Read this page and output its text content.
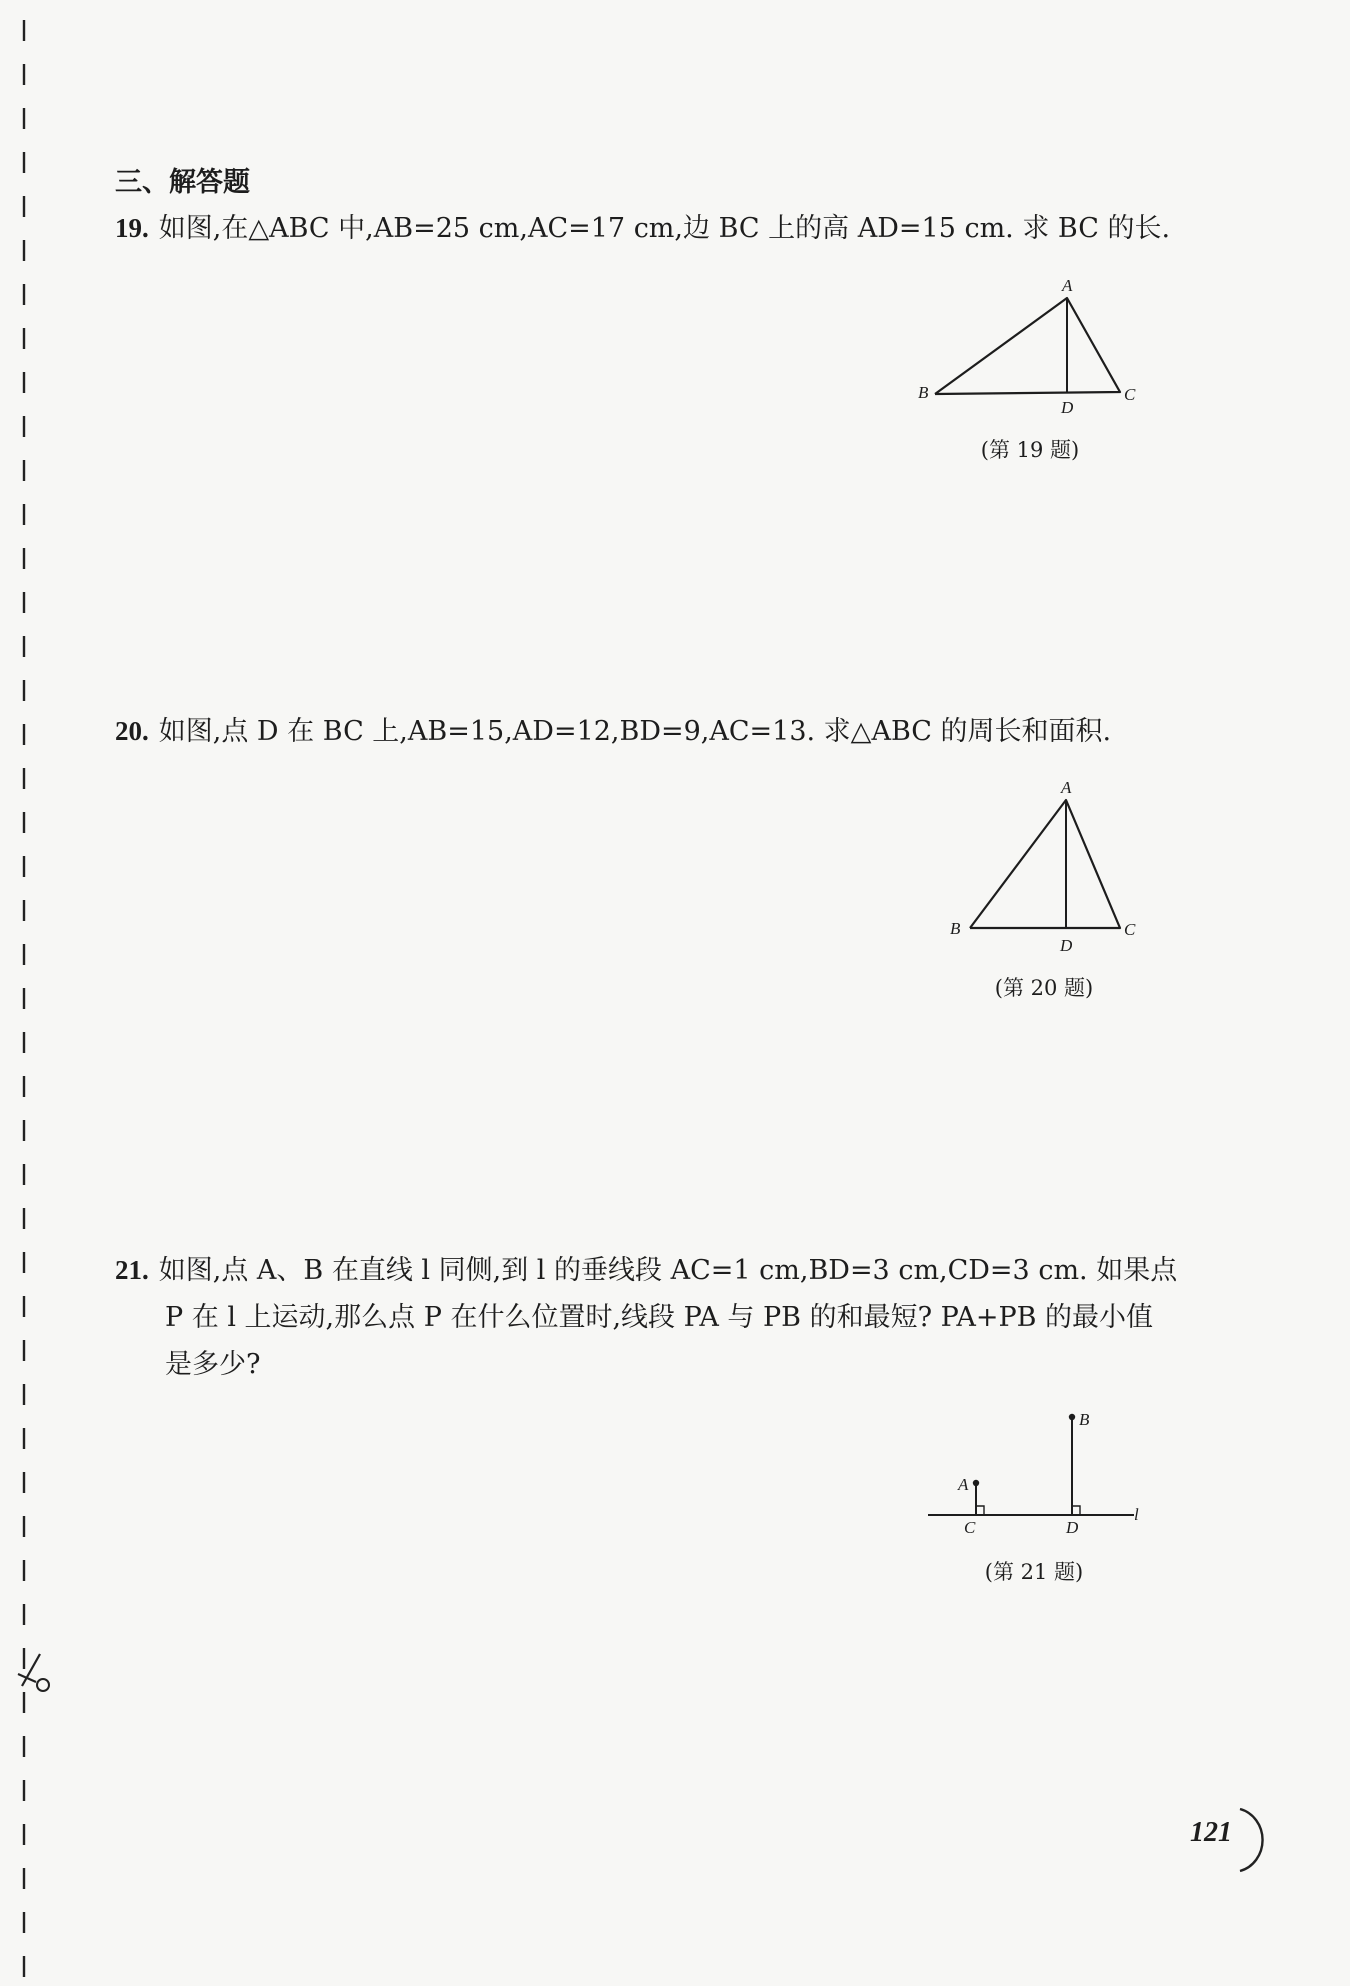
三、解答题
19. 如图,在△ABC 中,AB=25 cm,AC=17 cm,边 BC 上的高 AD=15 cm. 求 BC 的长.
A
B	C
D
(第 19 题)
20. 如图,点 D 在 BC 上,AB=15,AD=12,BD=9,AC=13. 求△ABC 的周长和面积.
A
B	C
D
(第 20 题)
21. 如图,点 A、B 在直线 l 同侧,到 l 的垂线段 AC=1 cm,BD=3 cm,CD=3 cm. 如果点
P 在 l 上运动,那么点 P 在什么位置时,线段 PA 与 PB 的和最短? PA+PB 的最小值是多少?
A
B
C	D
l
(第 21 题)
121
